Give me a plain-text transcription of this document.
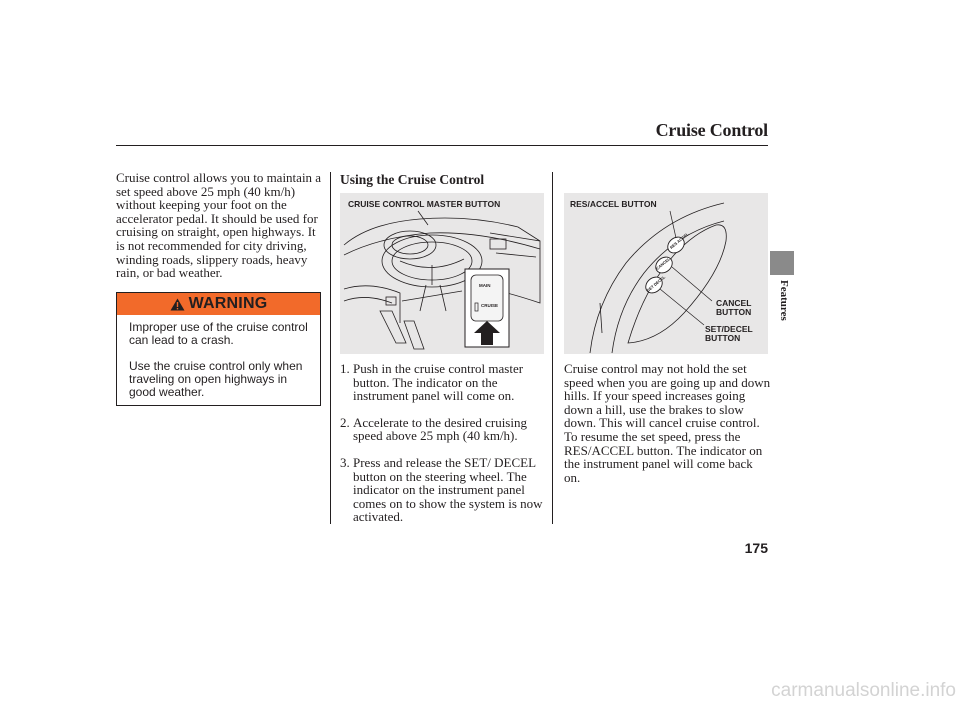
Cruise Control
Cruise control allows you to maintain a set speed above 25 mph (40 km/h) without keeping your foot on the accelerator pedal. It should be used for cruising on straight, open highways. It is not recommended for city driving, winding roads, slippery roads, heavy rain, or bad weather.
WARNING
Improper use of the cruise control can lead to a crash.
Use the cruise control only when traveling on open highways in good weather.
Using the Cruise Control
CRUISE CONTROL MASTER BUTTON
MAIN
CRUISE
RES/ACCEL BUTTON
RES ACCEL
CANCEL
SET DECEL
CANCEL
BUTTON
SET/DECEL
BUTTON
1. Push in the cruise control master button. The indicator on the instrument panel will come on.
2. Accelerate to the desired cruising speed above 25 mph (40 km/h).
3. Press and release the SET/ DECEL button on the steering wheel. The indicator on the instrument panel comes on to show the system is now activated.
Cruise control may not hold the set speed when you are going up and down hills. If your speed increases going down a hill, use the brakes to slow down. This will cancel cruise control. To resume the set speed, press the RES/ACCEL button. The indicator on the instrument panel will come back on.
Features
175
carmanualsonline.info
